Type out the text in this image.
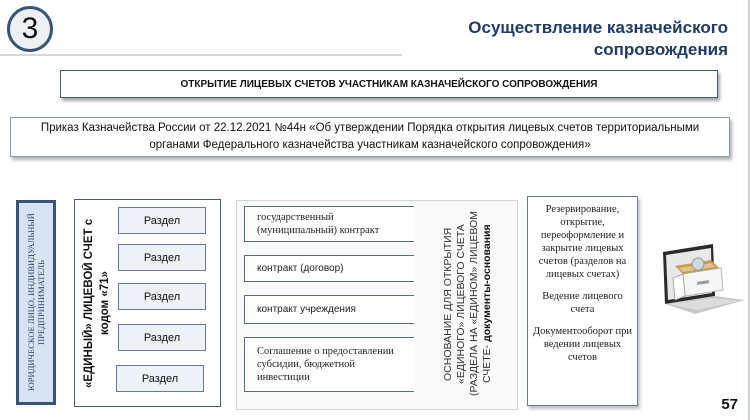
3	Осуществление казначейского
сопровождения
ОТКРЫТИЕ ЛИЦЕВЫХ СЧЕТОВ УЧАСТНИКАМ КАЗНАЧЕЙСКОГО СОПРОВОЖДЕНИЯ
Приказ Казначейства России от 22.12.2021 №44н «Об утверждении Порядка открытия лицевых счетов территориальными
органами Федерального казначейства участникам казначейского сопровождения»
ЮРИДИЧЕСКОЕ ЛИЦО, ИНДИВИДУАЛЬНЫЙ ПРЕДПРИНИМАТЕЛЬ	«ЕДИНЫЙ» ЛИЦЕВОЙ СЧЕТ с кодом «71»
Раздел
Раздел
Раздел
Раздел
Раздел
государственный (муниципальный) контракт
контракт (договор)
контракт учреждения
Соглашение о предоставлении субсидии, бюджетной инвестиции	ОСНОВАНИЕ ДЛЯ ОТКРЫТИЯ «ЕДИНОГО» ЛИЦЕВОГО СЧЕТА (РАЗДЕЛА НА «ЕДИНОМ» ЛИЦЕВОМ СЧЕТЕ- документы-основания

Резервирование, открытие, переоформление и закрытие лицевых счетов (разделов на лицевых счетах)

Ведение лицевого счета

Документооборот при ведении лицевых счетов

57
